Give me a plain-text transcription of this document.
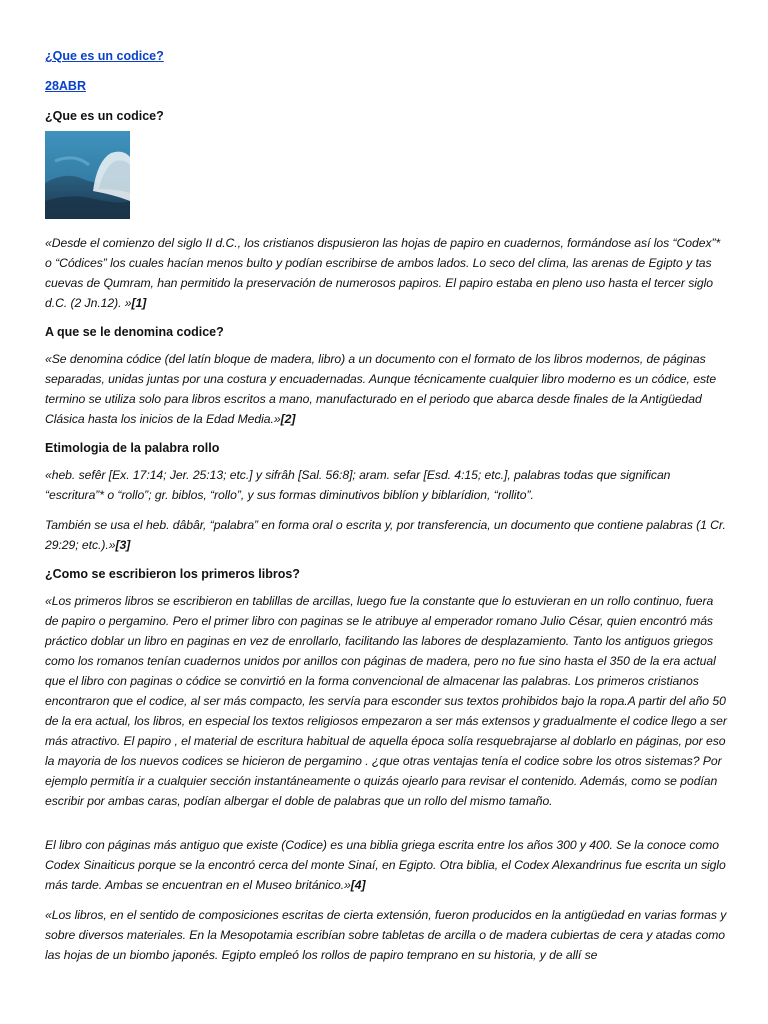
¿Que es un codice?
28ABR
¿Que es un codice?

«Desde el comienzo del siglo II d.C., los cristianos dispusieron las hojas de papiro en cuadernos, formándose así los “Codex”* o “Códices” los cuales hacían menos bulto y podían escribirse de ambos lados. Lo seco del clima, las arenas de Egipto y tas cuevas de Qumram, han permitido la preservación de numerosos papiros. El papiro estaba en pleno uso hasta el tercer siglo d.C. (2 Jn.12). »[1]

A que se le denomina codice?

«Se denomina códice (del latín bloque de madera, libro) a un documento con el formato de los libros modernos, de páginas separadas, unidas juntas por una costura y encuadernadas. Aunque técnicamente cualquier libro moderno es un códice, este termino se utiliza solo para libros escritos a mano, manufacturado en el periodo que abarca desde finales de la Antigüedad Clásica hasta los inicios de la Edad Media.»[2]

Etimologia de la palabra rollo

«heb. sefêr [Ex. 17:14; Jer. 25:13; etc.] y sifrâh [Sal. 56:8]; aram. sefar [Esd. 4:15; etc.], palabras todas que significan “escritura”* o “rollo”; gr. biblos, “rollo”, y sus formas diminutivos biblíon y biblarídion, “rollito”.

También se usa el heb. dâbâr, “palabra” en forma oral o escrita y, por transferencia, un documento que contiene palabras (1 Cr. 29:29; etc.).»[3]

¿Como se escribieron los primeros libros?

«Los primeros libros se escribieron en tablillas de arcillas, luego fue la constante que lo estuvieran en un rollo continuo, fuera de papiro o pergamino. Pero el primer libro con paginas se le atribuye al emperador romano Julio César, quien encontró más práctico doblar un libro en paginas en vez de enrollarlo, facilitando las labores de desplazamiento. Tanto los antiguos griegos como los romanos tenían cuadernos unidos por anillos con páginas de madera, pero no fue sino hasta el 350 de la era actual que el libro con paginas o códice se convirtió en la forma convencional de almacenar las palabras. Los primeros cristianos encontraron que el codice, al ser más compacto, les servía para esconder sus textos prohibidos bajo la ropa.A partir del año 50 de la era actual, los libros, en especial los textos religiosos empezaron a ser más extensos y gradualmente el codice llego a ser más atractivo. El papiro , el material de escritura habitual de aquella época solía resquebrajarse al doblarlo en páginas, por eso la mayoria de los nuevos codices se hicieron de pergamino . ¿que otras ventajas tenía el codice sobre los otros sistemas? Por ejemplo permitía ir a cualquier sección instantáneamente o quizás ojearlo para revisar el contenido. Además, como se podían escribir por ambas caras, podían albergar el doble de palabras que un rollo del mismo tamaño.

El libro con páginas más antiguo que existe (Codice) es una biblia griega escrita entre los años 300 y 400. Se la conoce como Codex Sinaiticus porque se la encontró cerca del monte Sinaí, en Egipto. Otra biblia, el Codex Alexandrinus fue escrita un siglo más tarde. Ambas se encuentran en el Museo británico.»[4]

«Los libros, en el sentido de composiciones escritas de cierta extensión, fueron producidos en la antigüedad en varias formas y sobre diversos materiales. En la Mesopotamia escribían sobre tabletas de arcilla o de madera cubiertas de cera y atadas como las hojas de un biombo japonés. Egipto empleó los rollos de papiro temprano en su historia, y de allí se
